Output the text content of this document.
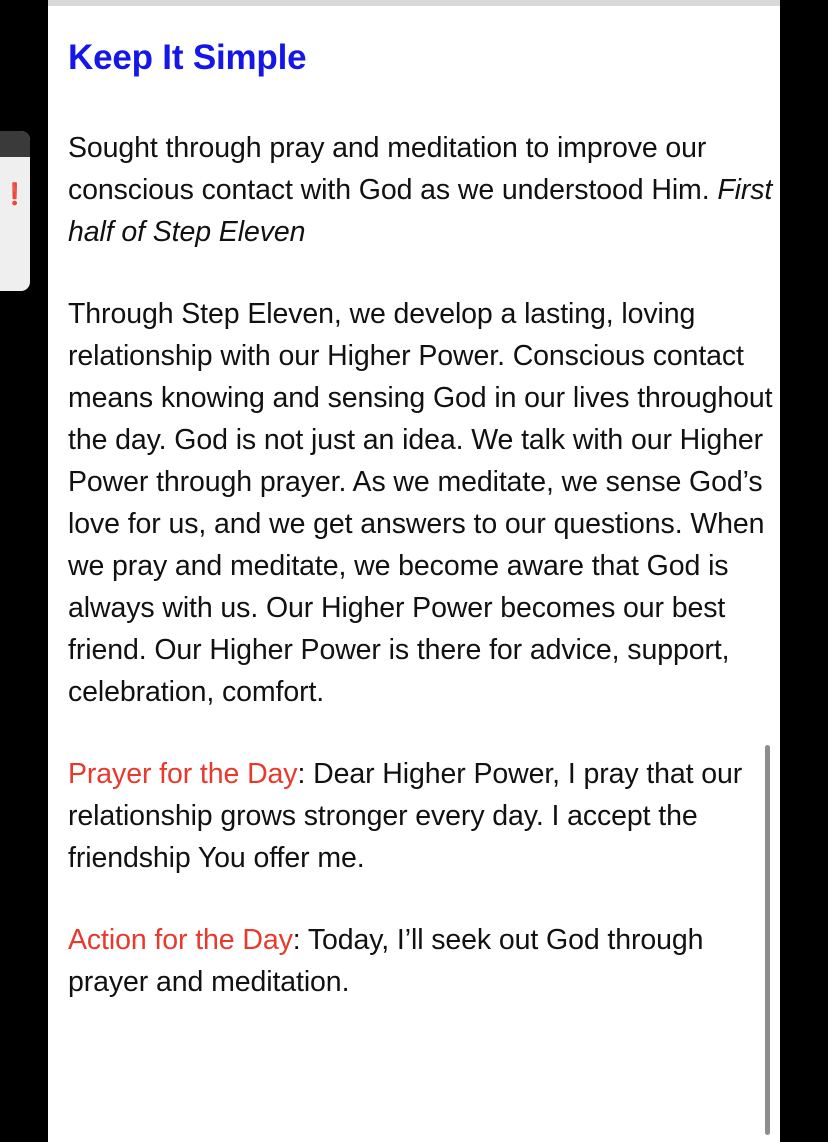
❗
Keep It Simple

Sought through pray and meditation to improve our conscious contact with God as we understood Him. First half of Step Eleven

Through Step Eleven, we develop a lasting, loving relationship with our Higher Power. Conscious contact means knowing and sensing God in our lives throughout the day. God is not just an idea. We talk with our Higher Power through prayer. As we meditate, we sense God’s love for us, and we get answers to our questions. When we pray and meditate, we become aware that God is always with us. Our Higher Power becomes our best friend. Our Higher Power is there for advice, support, celebration, comfort.

Prayer for the Day: Dear Higher Power, I pray that our relationship grows stronger every day. I accept the friendship You offer me.

Action for the Day: Today, I’ll seek out God through prayer and meditation.
